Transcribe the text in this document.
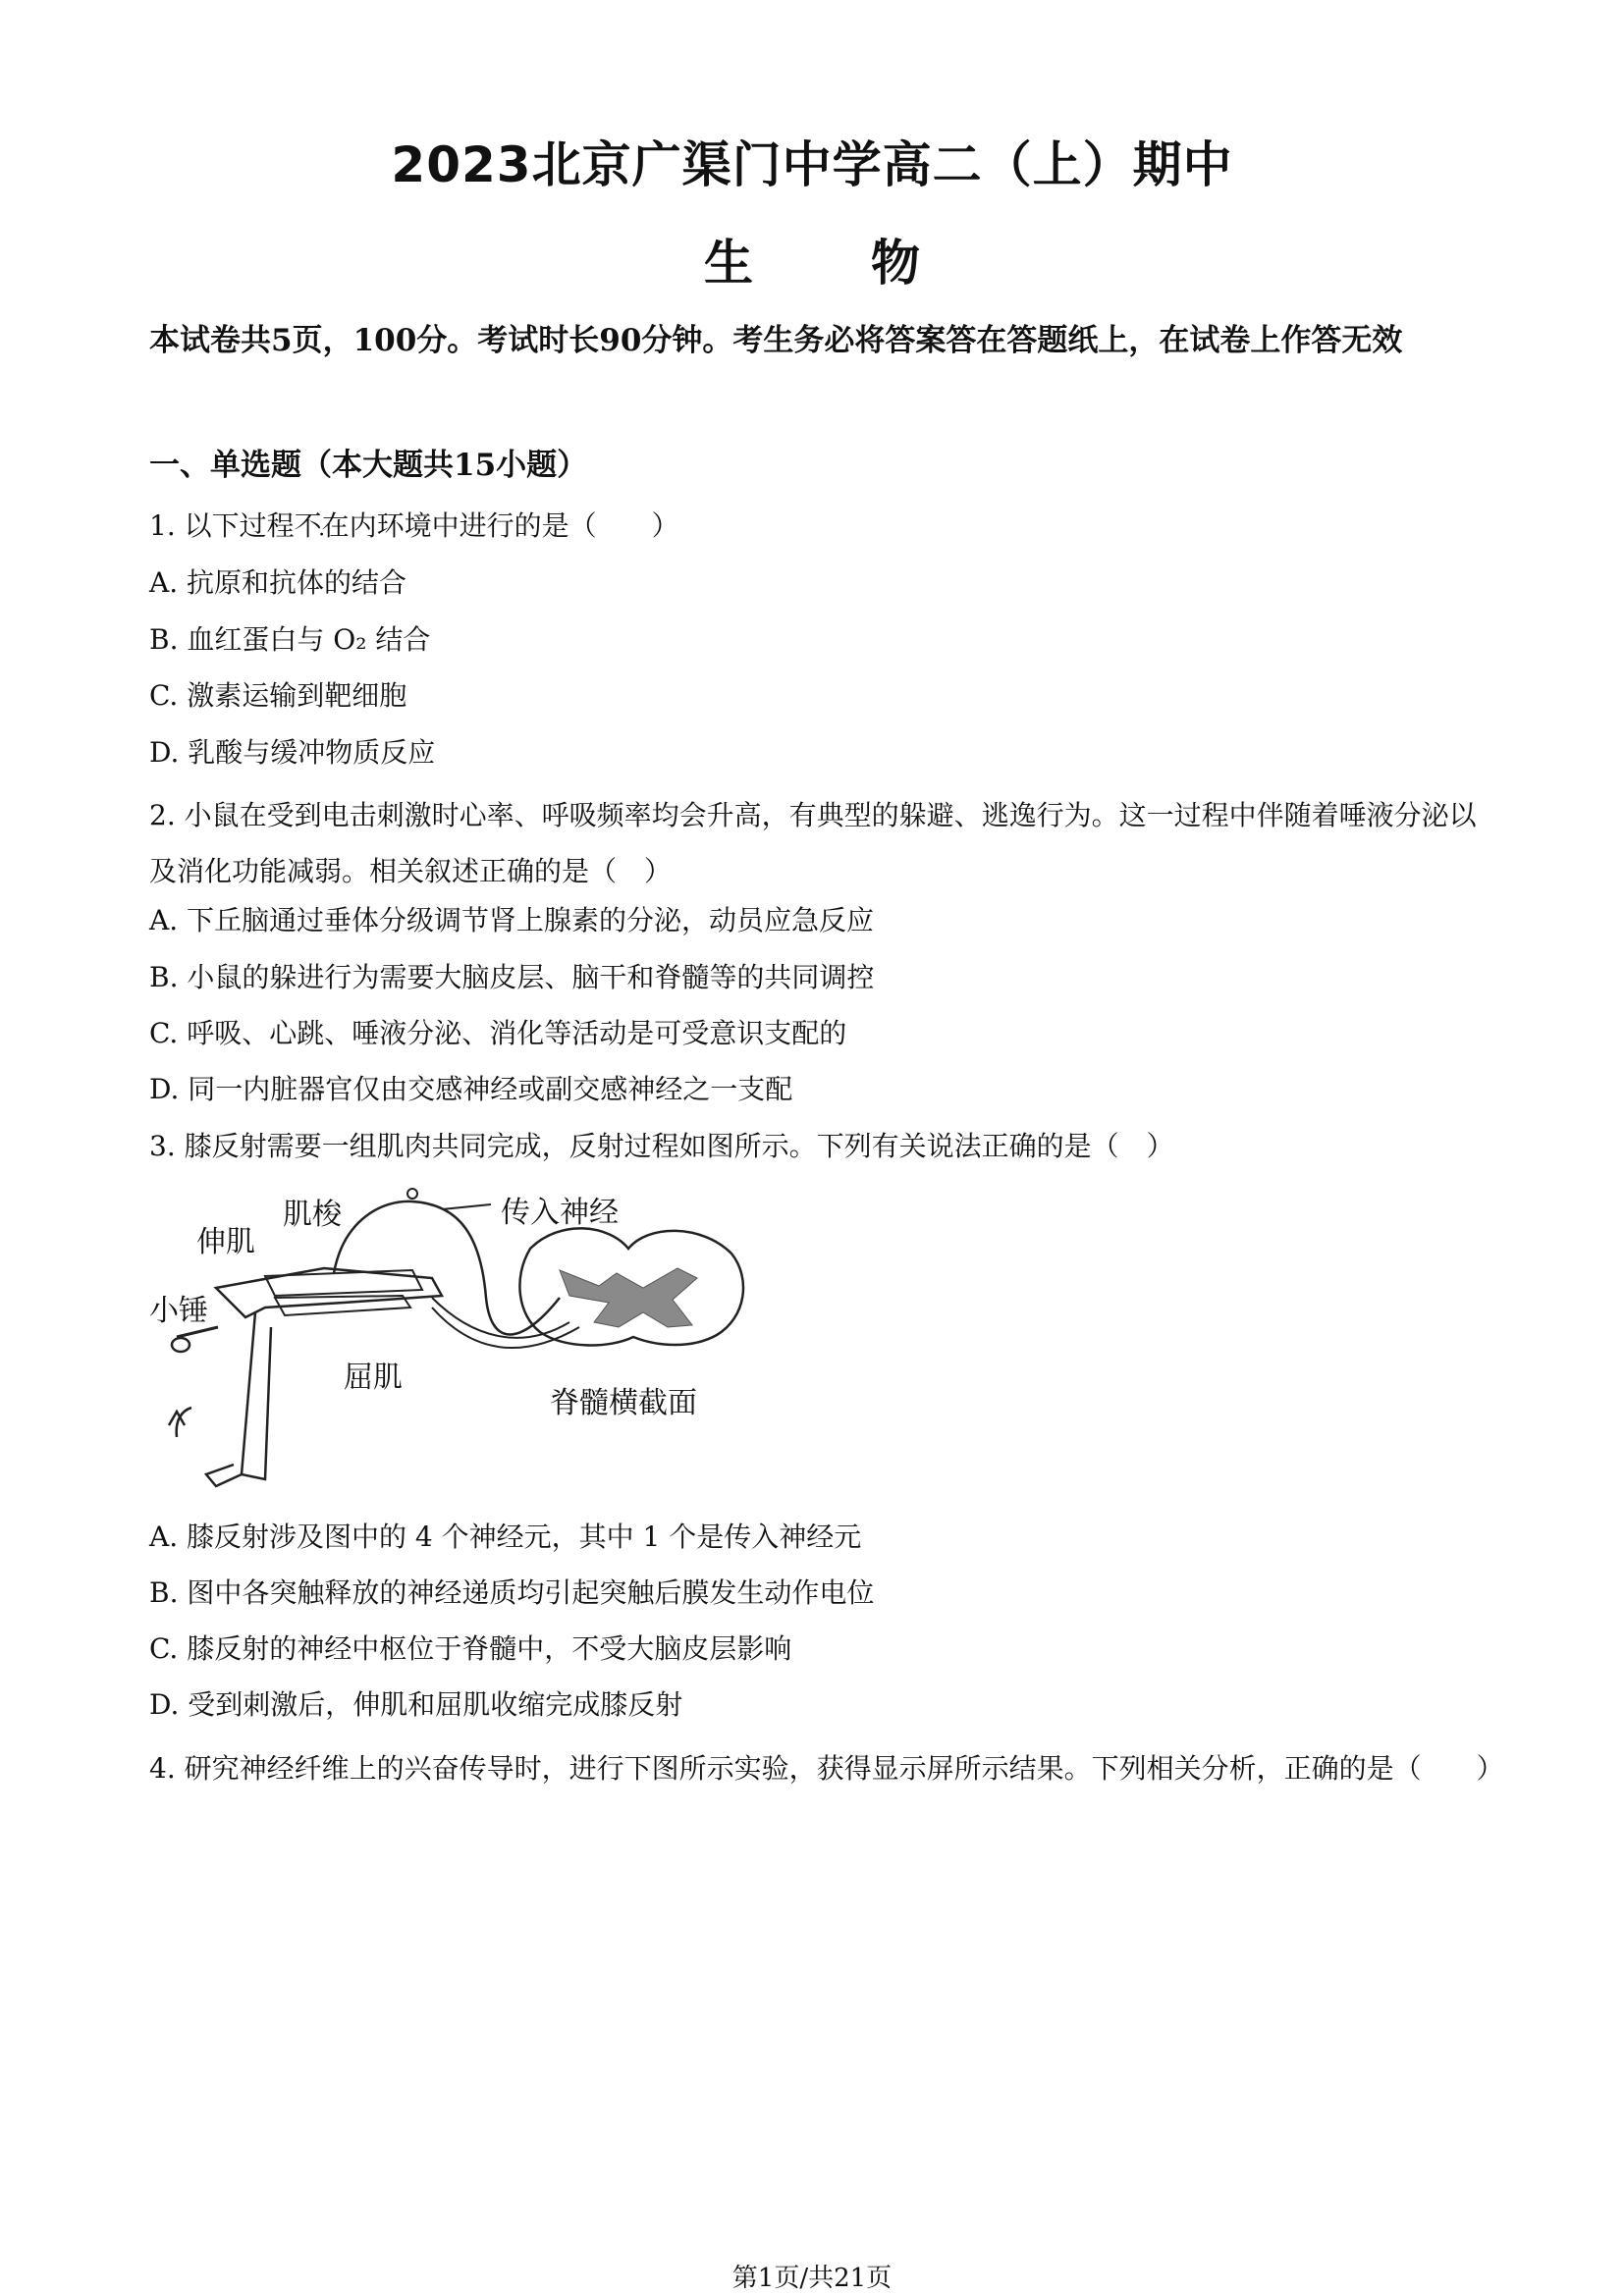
2023北京广渠门中学高二（上）期中
生物
本试卷共5页，100分。考试时长90分钟。考生务必将答案答在答题纸上，在试卷上作答无效
一、单选题（本大题共15小题）
1. 以下过程不在内环境中进行的是（　　）
A. 抗原和抗体的结合
B. 血红蛋白与 O₂ 结合
C. 激素运输到靶细胞
D. 乳酸与缓冲物质反应
2. 小鼠在受到电击刺激时心率、呼吸频率均会升高，有典型的躲避、逃逸行为。这一过程中伴随着唾液分泌以及消化功能减弱。相关叙述正确的是（　）
A. 下丘脑通过垂体分级调节肾上腺素的分泌，动员应急反应
B. 小鼠的躲进行为需要大脑皮层、脑干和脊髓等的共同调控
C. 呼吸、心跳、唾液分泌、消化等活动是可受意识支配的
D. 同一内脏器官仅由交感神经或副交感神经之一支配
3. 膝反射需要一组肌肉共同完成，反射过程如图所示。下列有关说法正确的是（　）
伸肌
肌梭	传入神经
小锤
屈肌
脊髓横截面
A. 膝反射涉及图中的 4 个神经元，其中 1 个是传入神经元
B. 图中各突触释放的神经递质均引起突触后膜发生动作电位
C. 膝反射的神经中枢位于脊髓中，不受大脑皮层影响
D. 受到刺激后，伸肌和屈肌收缩完成膝反射
4. 研究神经纤维上的兴奋传导时，进行下图所示实验，获得显示屏所示结果。下列相关分析，正确的是（　　）
第1页/共21页
